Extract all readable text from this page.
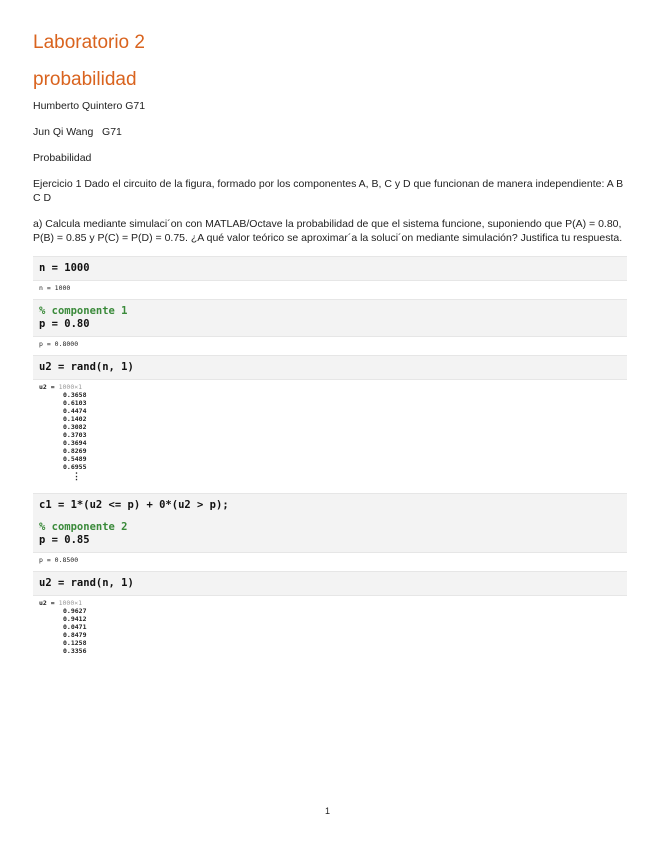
Laboratorio 2
probabilidad

Humberto Quintero G71

Jun Qi Wang   G71

Probabilidad

Ejercicio 1 Dado el circuito de la figura, formado por los componentes A, B, C y D que funcionan de manera independiente: A B C D

a) Calcula mediante simulaci´on con MATLAB/Octave la probabilidad de que el sistema funcione, suponiendo que P(A) = 0.80, P(B) = 0.85 y P(C) = P(D) = 0.75. ¿A qué valor teórico se aproximar´a la soluci´on mediante simulación? Justifica tu respuesta.

n = 1000
n = 1000
% componente 1
p = 0.80
p = 0.8000
u2 = rand(n, 1)
u2 = 1000×1
0.3658
0.6103
0.4474
0.1402
0.3082
0.3703
0.3694
0.8269
0.5489
0.6955
⋮
c1 = 1*(u2 <= p) + 0*(u2 > p);
% componente 2
p = 0.85
p = 0.8500
u2 = rand(n, 1)
u2 = 1000×1
0.9627
0.9412
0.0471
0.8479
0.1258
0.3356
1
